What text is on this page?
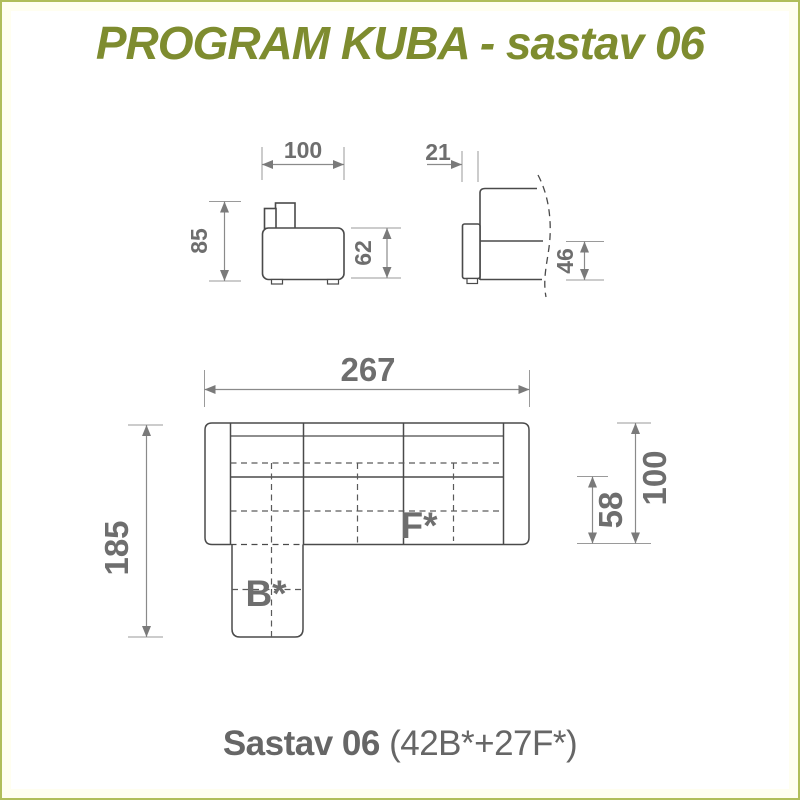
PROGRAM KUBA - sastav 06
100
85	62
21
46
B*
F*
267
185
100
58
Sastav 06 (42B*+27F*)
